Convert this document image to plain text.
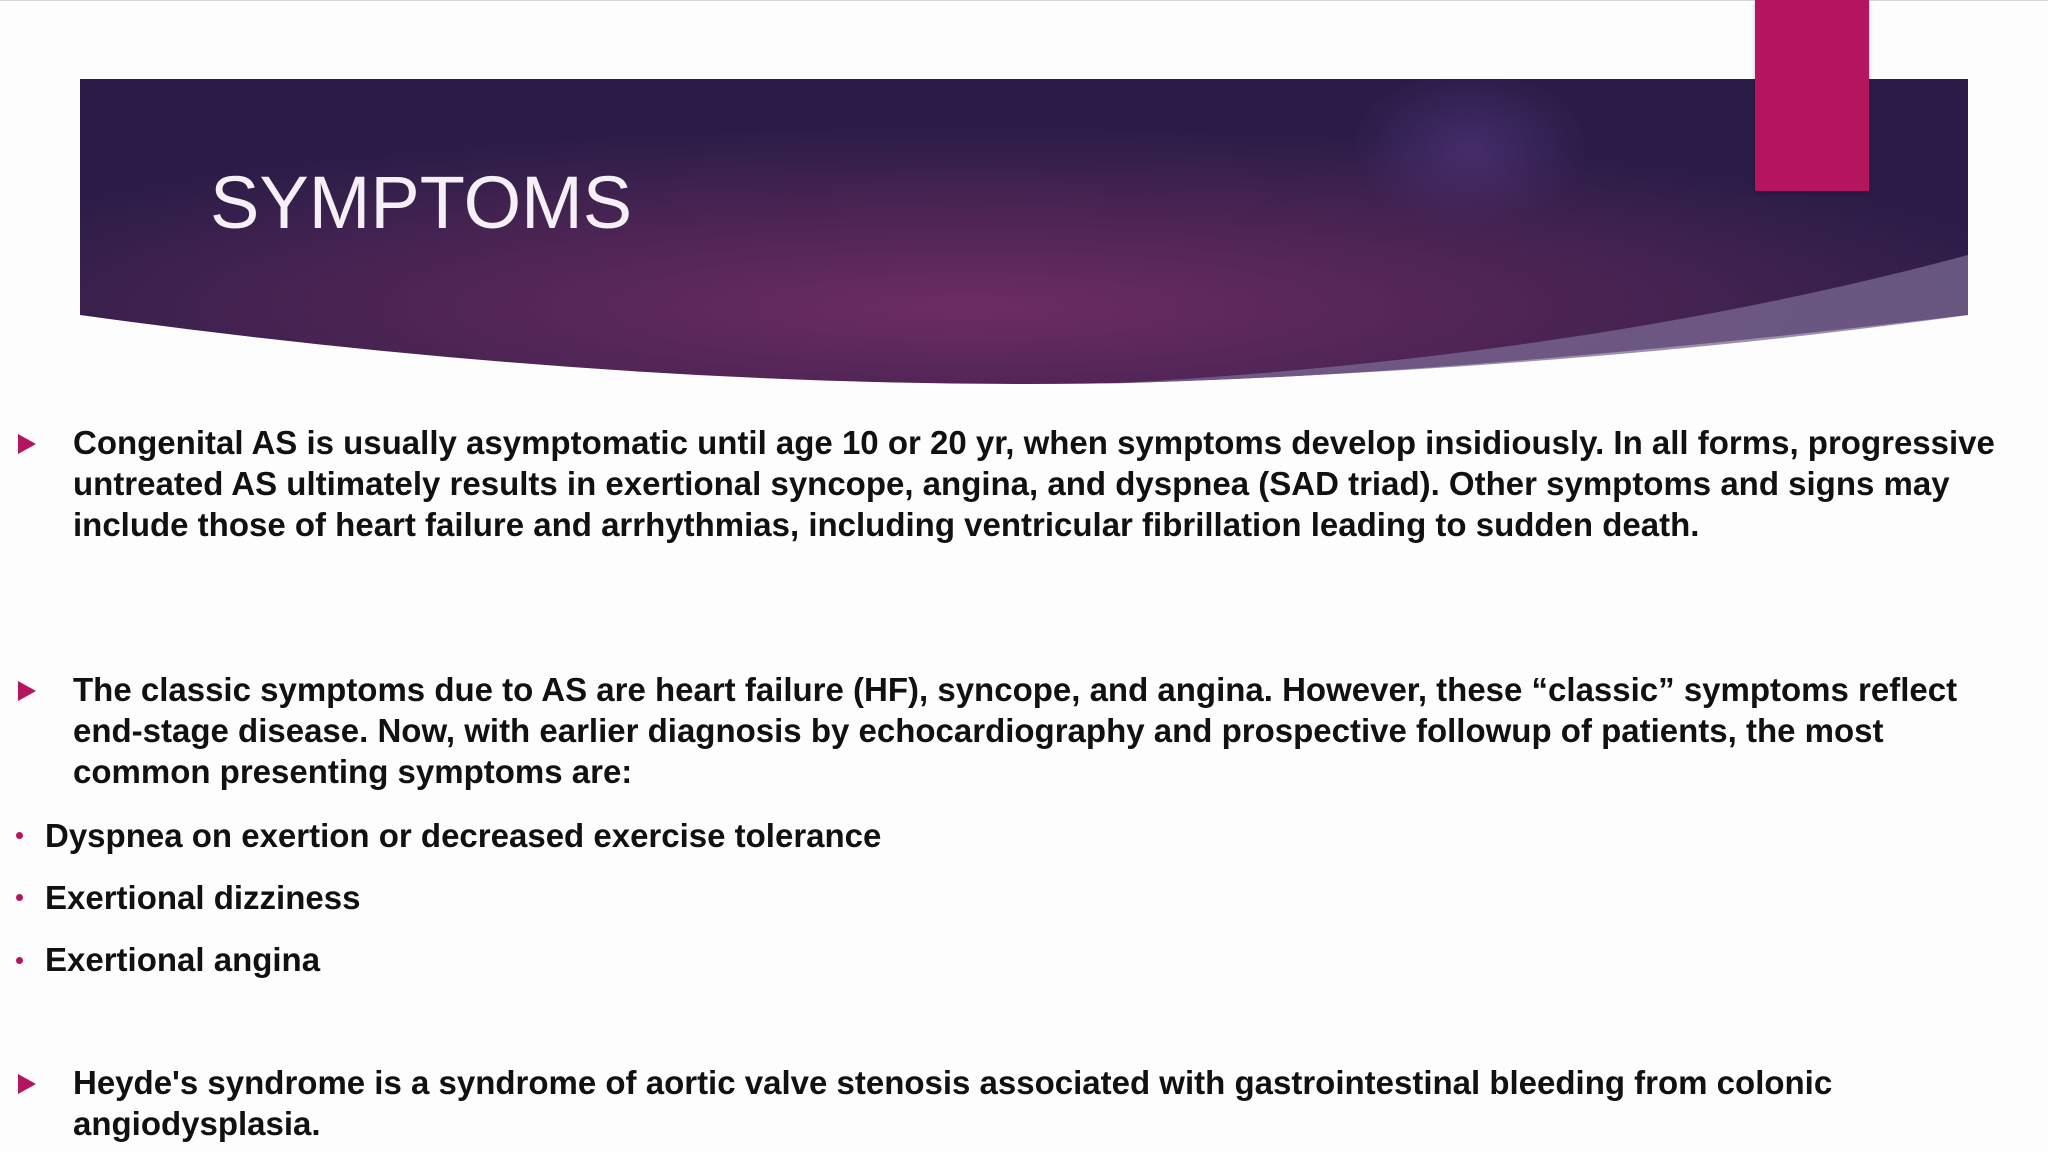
SYMPTOMS

Congenital AS is usually asymptomatic until age 10 or 20 yr, when symptoms develop insidiously. In all forms, progressive untreated AS ultimately results in exertional syncope, angina, and dyspnea (SAD triad). Other symptoms and signs may include those of heart failure and arrhythmias, including ventricular fibrillation leading to sudden death.

The classic symptoms due to AS are heart failure (HF), syncope, and angina. However, these “classic” symptoms reflect end-stage disease. Now, with earlier diagnosis by echocardiography and prospective followup of patients, the most common presenting symptoms are:

Dyspnea on exertion or decreased exercise tolerance

Exertional dizziness

Exertional angina

Heyde's syndrome is a syndrome of aortic valve stenosis associated with gastrointestinal bleeding from colonic angiodysplasia.
